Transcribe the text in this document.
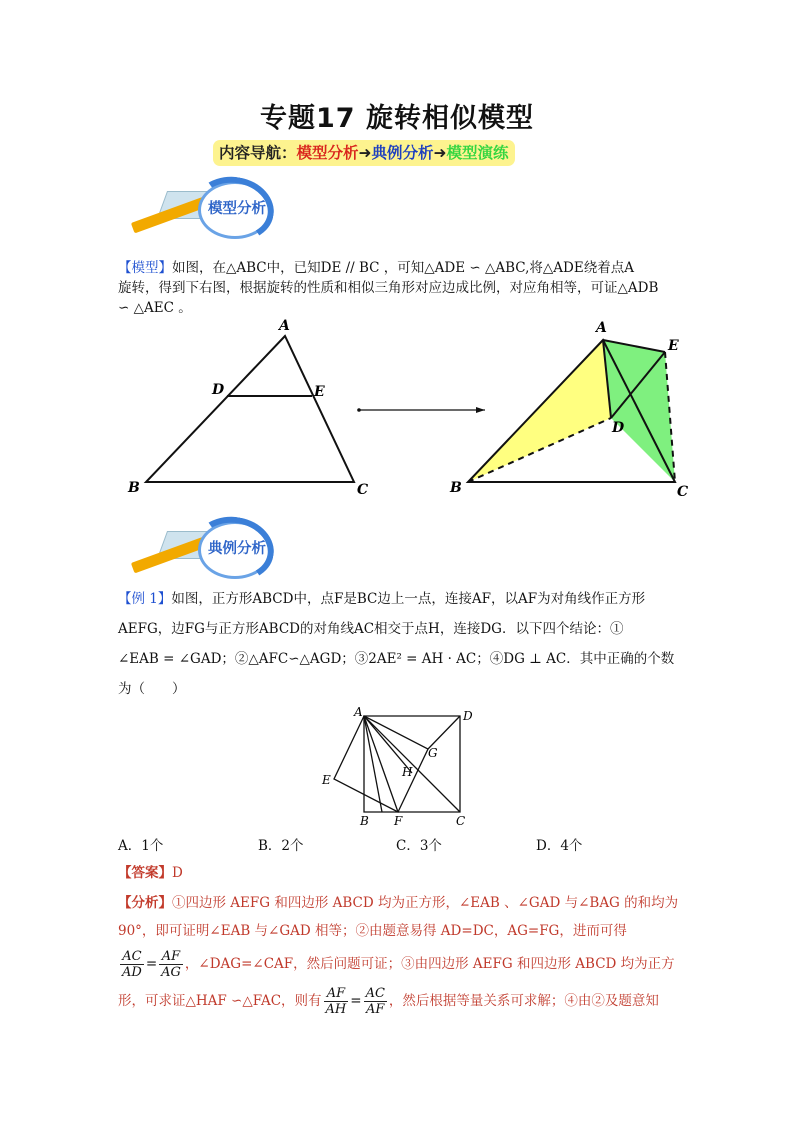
专题17 旋转相似模型
内容导航：模型分析➜典例分析➜模型演练
模型分析
【模型】如图，在△ABC中，已知DE // BC ，可知△ADE ∽ △ABC,将△ADE绕着点A
旋转，得到下右图，根据旋转的性质和相似三角形对应边成比例，对应角相等，可证△ADB
∽ △AEC 。
A
B	C
D	E
A
B	C
D
E
典例分析
【例 1】如图，正方形ABCD中，点F是BC边上一点，连接AF，以AF为对角线作正方形
AEFG，边FG与正方形ABCD的对角线AC相交于点H，连接DG．以下四个结论：①
∠EAB = ∠GAD；②△AFC∽△AGD；③2AE² = AH · AC；④DG ⊥ AC．其中正确的个数
为（　　）
A
B	C
D
E
F
G
H
A．1个	B．2个	C．3个	D．4个
【答案】D
【分析】①四边形 AEFG 和四边形 ABCD 均为正方形，∠EAB 、∠GAD 与∠BAG 的和均为
90°，即可证明∠EAB 与∠GAD 相等；②由题意易得 AD=DC，AG=FG，进而可得
$\frac{AC}{AD} = \frac{AF}{AG}$ ，∠DAG=∠CAF，然后问题可证；③由四边形 AEFG 和四边形 ABCD 均为正方
形，可求证△HAF ∽△FAC，则有 $\frac{AF}{AH} = \frac{AC}{AF}$ ，然后根据等量关系可求解；④由②及题意知
